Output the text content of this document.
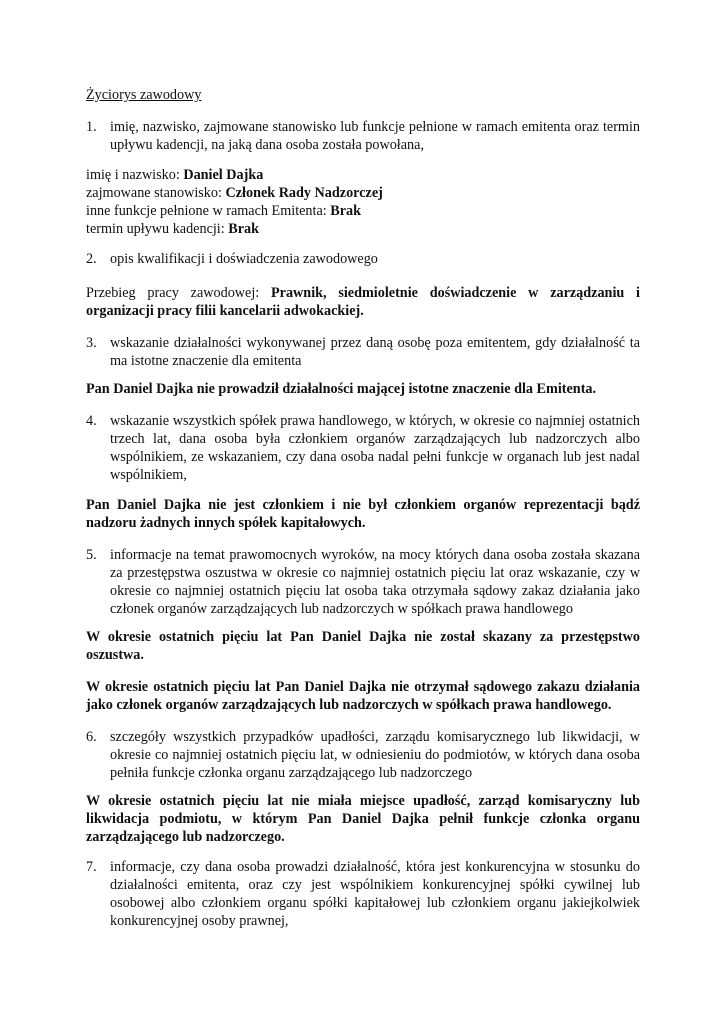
Życiorys zawodowy
1. imię, nazwisko, zajmowane stanowisko lub funkcje pełnione w ramach emitenta oraz termin upływu kadencji, na jaką dana osoba została powołana,
imię i nazwisko: Daniel Dajka
zajmowane stanowisko: Członek Rady Nadzorczej
inne funkcje pełnione w ramach Emitenta: Brak
termin upływu kadencji: Brak
2. opis kwalifikacji i doświadczenia zawodowego
Przebieg pracy zawodowej: Prawnik, siedmioletnie doświadczenie w zarządzaniu i organizacji pracy filii kancelarii adwokackiej.
3. wskazanie działalności wykonywanej przez daną osobę poza emitentem, gdy działalność ta ma istotne znaczenie dla emitenta
Pan Daniel Dajka nie prowadził działalności mającej istotne znaczenie dla Emitenta.
4. wskazanie wszystkich spółek prawa handlowego, w których, w okresie co najmniej ostatnich trzech lat, dana osoba była członkiem organów zarządzających lub nadzorczych albo wspólnikiem, ze wskazaniem, czy dana osoba nadal pełni funkcje w organach lub jest nadal wspólnikiem,
Pan Daniel Dajka nie jest członkiem i nie był członkiem organów reprezentacji bądź nadzoru żadnych innych spółek kapitałowych.
5. informacje na temat prawomocnych wyroków, na mocy których dana osoba została skazana za przestępstwa oszustwa w okresie co najmniej ostatnich pięciu lat oraz wskazanie, czy w okresie co najmniej ostatnich pięciu lat osoba taka otrzymała sądowy zakaz działania jako członek organów zarządzających lub nadzorczych w spółkach prawa handlowego
W okresie ostatnich pięciu lat Pan Daniel Dajka nie został skazany za przestępstwo oszustwa.
W okresie ostatnich pięciu lat Pan Daniel Dajka nie otrzymał sądowego zakazu działania jako członek organów zarządzających lub nadzorczych w spółkach prawa handlowego.
6. szczegóły wszystkich przypadków upadłości, zarządu komisarycznego lub likwidacji, w okresie co najmniej ostatnich pięciu lat, w odniesieniu do podmiotów, w których dana osoba pełniła funkcje członka organu zarządzającego lub nadzorczego
W okresie ostatnich pięciu lat nie miała miejsce upadłość, zarząd komisaryczny lub likwidacja podmiotu, w którym Pan Daniel Dajka pełnił funkcje członka organu zarządzającego lub nadzorczego.
7. informacje, czy dana osoba prowadzi działalność, która jest konkurencyjna w stosunku do działalności emitenta, oraz czy jest wspólnikiem konkurencyjnej spółki cywilnej lub osobowej albo członkiem organu spółki kapitałowej lub członkiem organu jakiejkolwiek konkurencyjnej osoby prawnej,
